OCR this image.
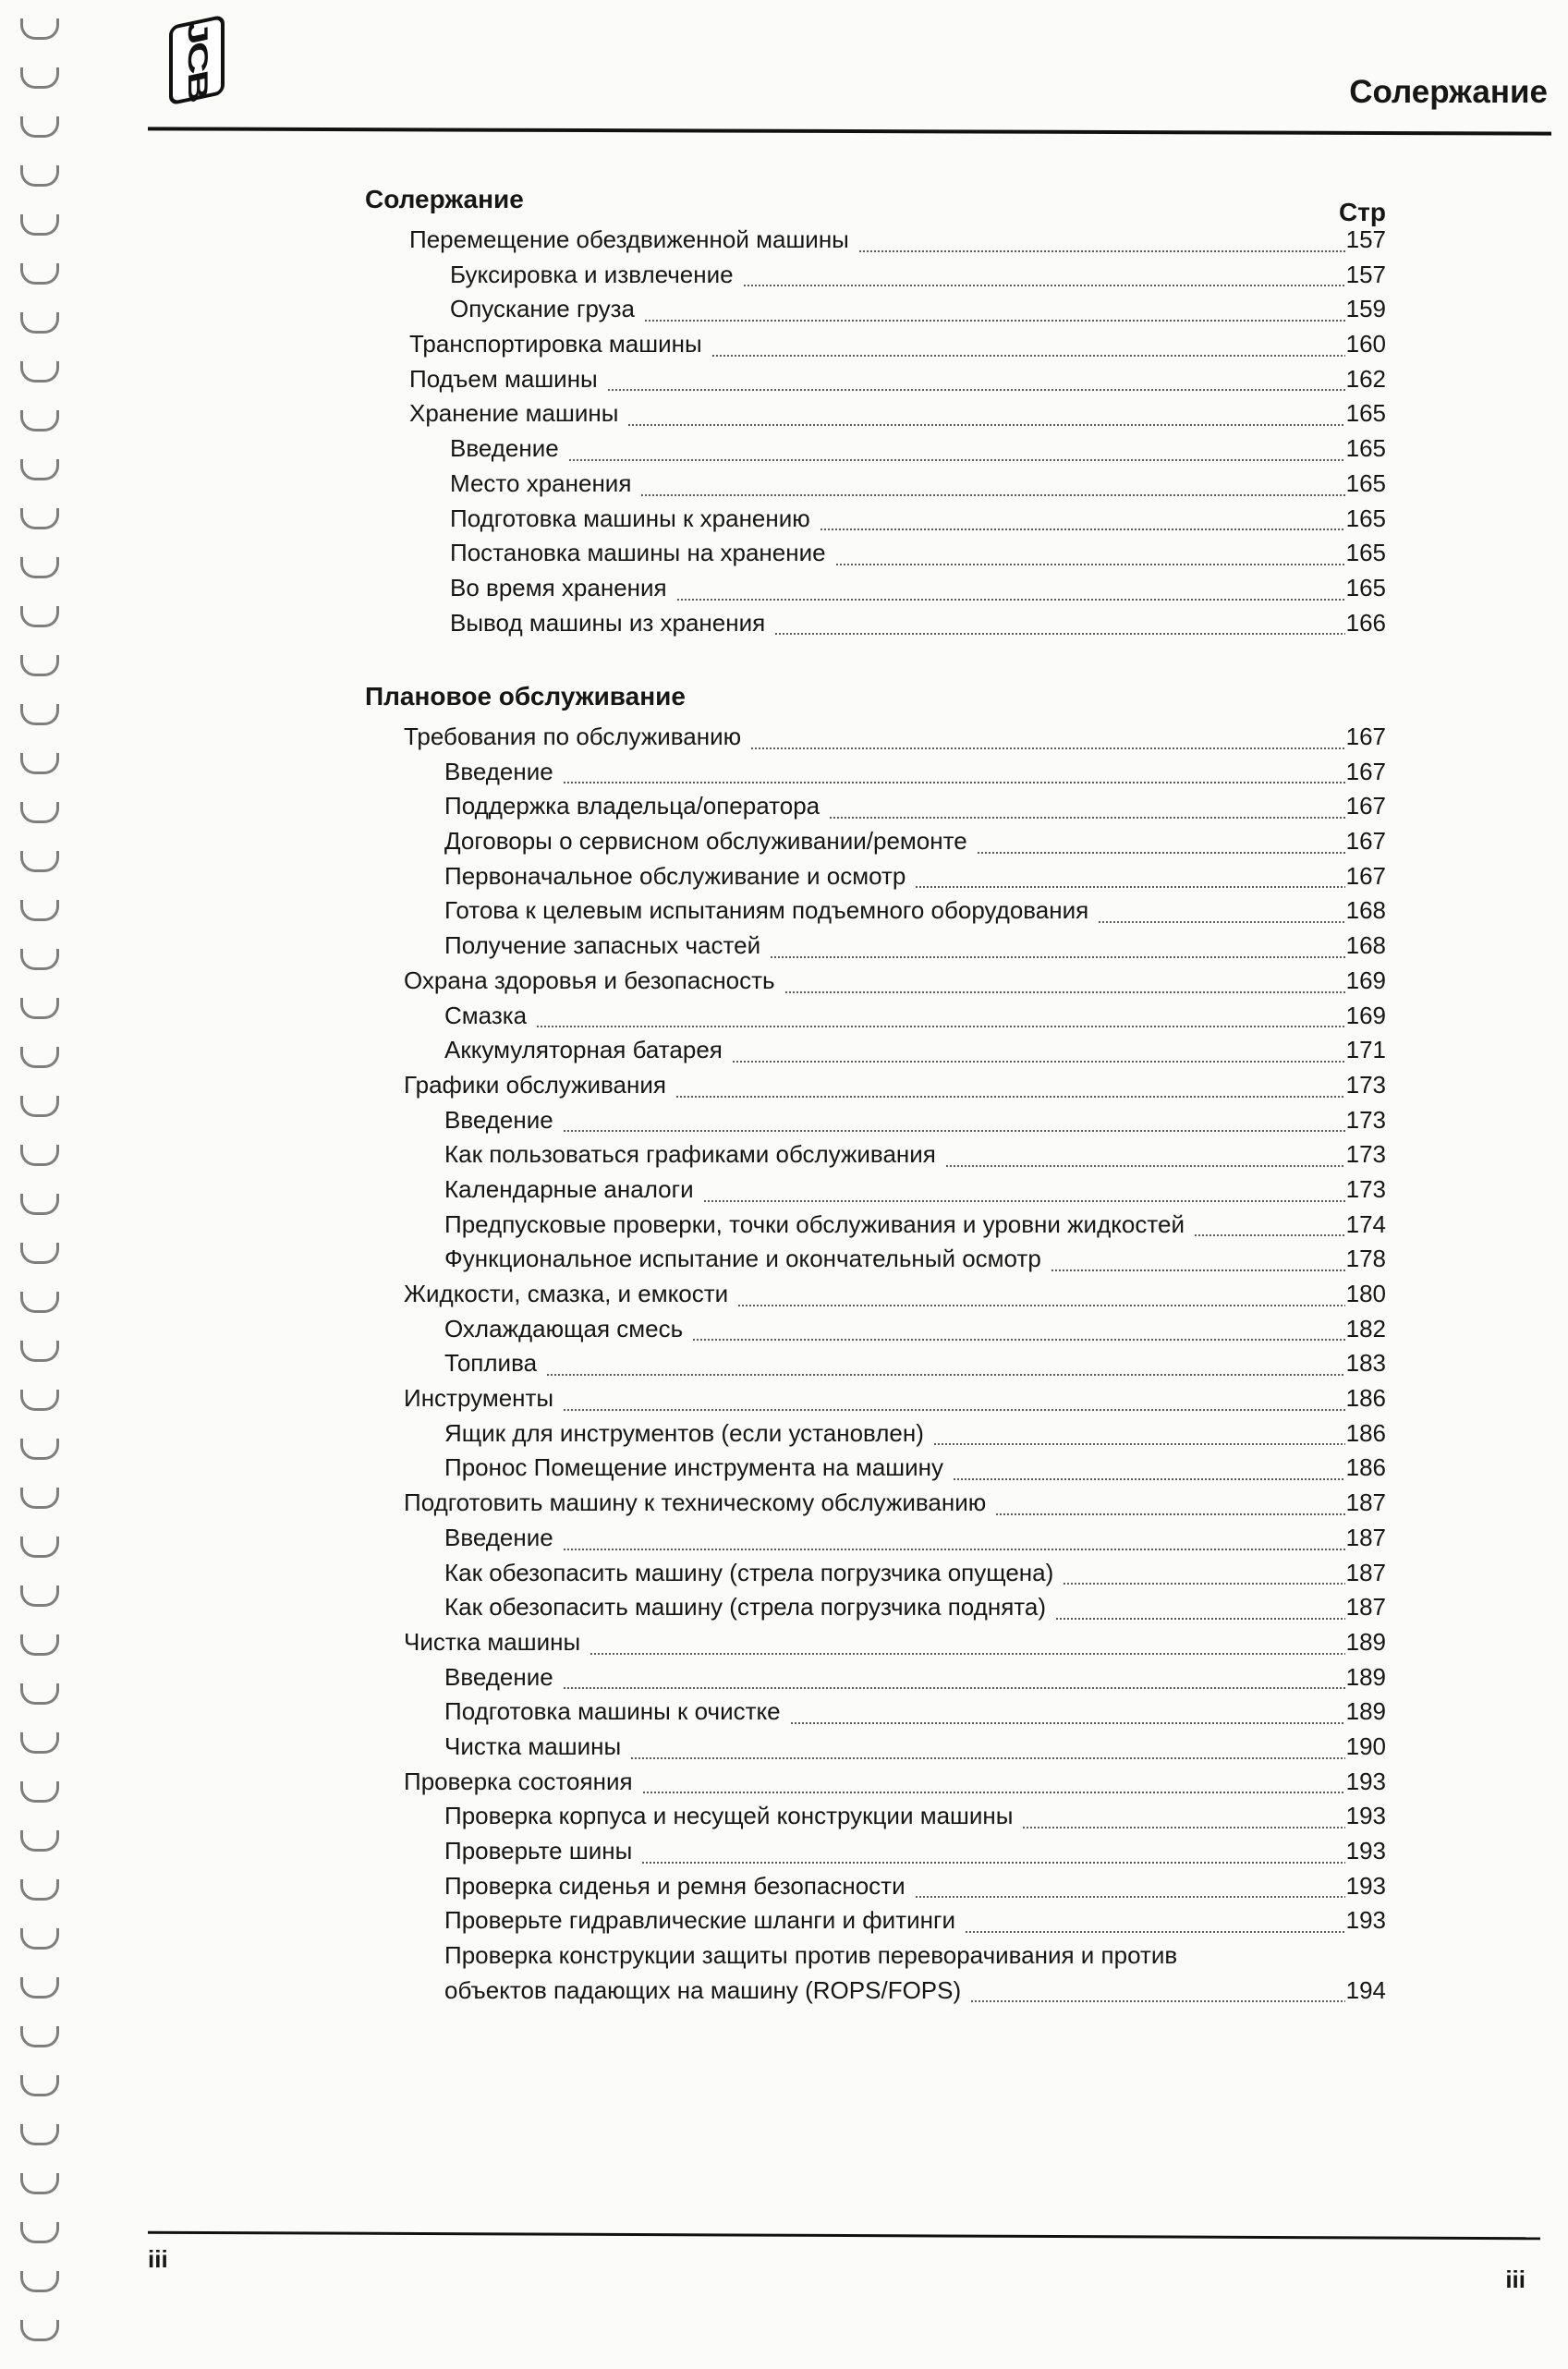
JCB	Солержание
Солержание	Стр
Перемещение обездвиженной машины	157
Буксировка и извлечение	157
Опускание груза	159
Транспортировка машины	160
Подъем машины	162
Хранение машины	165
Введение	165
Место хранения	165
Подготовка машины к хранению	165
Постановка машины на хранение	165
Во время хранения	165
Вывод машины из хранения	166
Плановое обслуживание
Требования по обслуживанию	167
Введение	167
Поддержка владельца/оператора	167
Договоры о сервисном обслуживании/ремонте	167
Первоначальное обслуживание и осмотр	167
Готова к целевым испытаниям подъемного оборудования	168
Получение запасных частей	168
Охрана здоровья и безопасность	169
Смазка	169
Аккумуляторная батарея	171
Графики обслуживания	173
Введение	173
Как пользоваться графиками обслуживания	173
Календарные аналоги	173
Предпусковые проверки, точки обслуживания и уровни жидкостей	174
Функциональное испытание и окончательный осмотр	178
Жидкости, смазка, и емкости	180
Охлаждающая смесь	182
Топлива	183
Инструменты	186
Ящик для инструментов (если установлен)	186
Пронос Помещение инструмента на машину	186
Подготовить машину к техническому обслуживанию	187
Введение	187
Как обезопасить машину (стрела погрузчика опущена)	187
Как обезопасить машину (стрела погрузчика поднята)	187
Чистка машины	189
Введение	189
Подготовка машины к очистке	189
Чистка машины	190
Проверка состояния	193
Проверка корпуса и несущей конструкции машины	193
Проверьте шины	193
Проверка сиденья и ремня безопасности	193
Проверьте гидравлические шланги и фитинги	193
Проверка конструкции защиты против переворачивания и против
объектов падающих на машину (ROPS/FOPS)	194
iii
iii
